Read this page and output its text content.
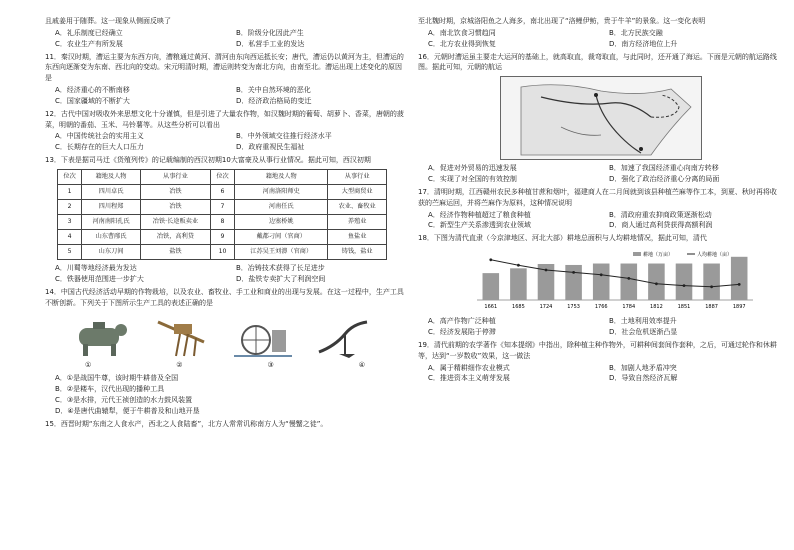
且戚姜用于随葬。这一现象从侧面反映了

A．礼乐制度已经确立	B．阶级分化因此产生
C．农业生产有所发展	D．私营手工业的发达

11．秦汉时期，漕运主要为东西方向，漕粮通过黄河、渭河由东向西运抵长安；唐代，漕运仍以黄河为主，但漕运的东西向逐渐变为东南、西北向的变动。宋元明清时期，漕运则转变为南北方向，由南至北。漕运出现上述变化的原因是

A．经济重心的不断南移	B．关中自然环境的恶化
C．国家疆域的不断扩大	D．经济政治格局的变迁

12．古代中国对吸收外来思想文化十分谨慎，但是引进了大量农作物，如汉魏时期的葡萄、胡萝卜、香菜，唐朝的菠菜，明朝的番茄、玉米、马铃薯等。从这些分析可以看出

A．中国传统社会的实用主义	B．中外领域交往推行经济水平
C．长期存在的巨大人口压力	D．政府重视民生福祉

13．下表是据司马迁《货殖列传》的记载编制的西汉初期10大富豪及从事行业情况。据此可知，西汉初期

位次	籍地及人物	从事行业	位次	籍地及人物	从事行业
1	四川卓氏	冶铁	6	河南洛阳师史	大型商贸业
2	四川程郑	冶铁	7	河南任氏	农业、畜牧业
3	河南南阳孔氏	冶铁·长途贩卖业	8	边塞桥姚	养殖业
4	山东曹邴氏	冶铁，高利贷	9	戴都刁间（官商）	鱼盐业
5	山东刀间	盐铁	10	江苏吴王刘濞（官商）	铸钱，盐业
A．川蜀等地经济最为发达	B．冶铸技术获得了长足进步
C．铁器使用范围进一步扩大	D．盐铁专卖扩大了利润空间

14．中国古代经济活动早期的作物栽培，以及农业、畜牧业、手工业和商业的出现与发展。在这一过程中，生产工具不断创新。下列关于下图所示生产工具的表述正确的是

①	②	③	④

A．①是战国牛尊，该时期牛耕普及全国

B．②是耧车，汉代出现的播种工具

C．③是水排，元代王祯创造的水力鼓风装置

D．④是唐代曲辕犁，便于牛耕普及和山地开垦

15．西晋时期“东南之人食水产，西北之人食陆畜”，北方人常常讥称南方人为“慢蟹之徒”。

至北魏时期，京城洛阳鱼之人海多，南北出现了“洛鲤伊鲂，贵于牛羊”的景象。这一变化表明

A．南北饮食习惯趋同	B．北方民族交融
C．北方农业得到恢复	D．南方经济地位上升

16．元朝时漕运虽主要走大运河的基础上，就高取直，裁弯取直，与此同时，还开通了海运。下面是元朝的航运路线图。据此可知，元朝的航运

A．促进对外贸易的迅速发展	B．加速了我国经济重心向南方转移
C．实现了对全国的有效控制	D．强化了政治经济重心分离的局面

17．清明时期，江西赣州农民多种植甘蔗和烟叶，福建商人在二月间就到该县种植苎麻等作工本，到夏、秋时再将收获的苎麻运回，并将苎麻作为原料，这种情况说明

A．经济作物种植超过了粮食种植	B．清政府重农抑商政策逐渐松动
C．新型生产关系渗透到农业领域	D．商人通过高利贷获得高额利润

18．下图为清代直隶（今京津地区、河北大部）耕地总面积与人均耕地情况，据此可知，清代

1661	1685	1724	1753	1766	1784	1812	1851	1887	1897
耕地（万亩）	人均耕地（亩）
A．高产作物广泛种植	B．土地利用效率提升
C．经济发展陷于停滞	D．社会危机逐渐凸显

19．清代前期的农学著作《知本提纲》中指出，除种植主种作物外，可耕种间套间作套种，之后，可通过轮作和休耕等，达到“一岁数收”效果，这一做法

A．属于精耕细作农业模式	B．加剧人地矛盾冲突
C．推进资本主义萌芽发展	D．导致自然经济瓦解
